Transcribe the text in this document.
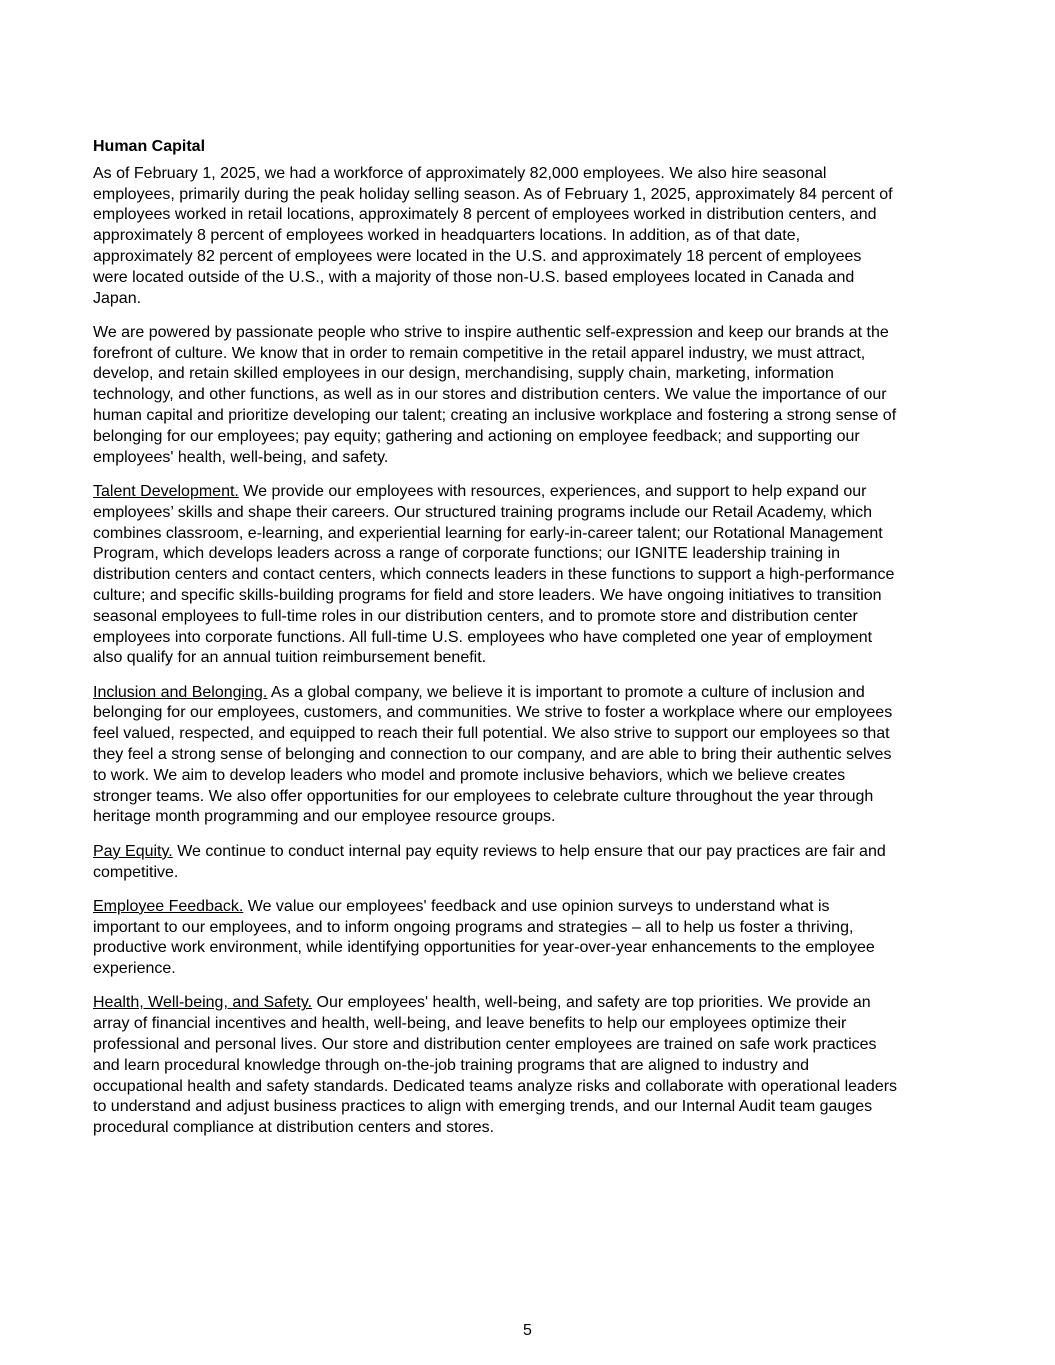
Human Capital
As of February 1, 2025, we had a workforce of approximately 82,000 employees. We also hire seasonal
employees, primarily during the peak holiday selling season. As of February 1, 2025, approximately 84 percent of
employees worked in retail locations, approximately 8 percent of employees worked in distribution centers, and
approximately 8 percent of employees worked in headquarters locations. In addition, as of that date,
approximately 82 percent of employees were located in the U.S. and approximately 18 percent of employees
were located outside of the U.S., with a majority of those non-U.S. based employees located in Canada and
Japan.
We are powered by passionate people who strive to inspire authentic self-expression and keep our brands at the
forefront of culture. We know that in order to remain competitive in the retail apparel industry, we must attract,
develop, and retain skilled employees in our design, merchandising, supply chain, marketing, information
technology, and other functions, as well as in our stores and distribution centers. We value the importance of our
human capital and prioritize developing our talent; creating an inclusive workplace and fostering a strong sense of
belonging for our employees; pay equity; gathering and actioning on employee feedback; and supporting our
employees' health, well-being, and safety.
Talent Development. We provide our employees with resources, experiences, and support to help expand our
employees’ skills and shape their careers. Our structured training programs include our Retail Academy, which
combines classroom, e-learning, and experiential learning for early-in-career talent; our Rotational Management
Program, which develops leaders across a range of corporate functions; our IGNITE leadership training in
distribution centers and contact centers, which connects leaders in these functions to support a high-performance
culture; and specific skills-building programs for field and store leaders. We have ongoing initiatives to transition
seasonal employees to full-time roles in our distribution centers, and to promote store and distribution center
employees into corporate functions. All full-time U.S. employees who have completed one year of employment
also qualify for an annual tuition reimbursement benefit.
Inclusion and Belonging. As a global company, we believe it is important to promote a culture of inclusion and
belonging for our employees, customers, and communities. We strive to foster a workplace where our employees
feel valued, respected, and equipped to reach their full potential. We also strive to support our employees so that
they feel a strong sense of belonging and connection to our company, and are able to bring their authentic selves
to work. We aim to develop leaders who model and promote inclusive behaviors, which we believe creates
stronger teams. We also offer opportunities for our employees to celebrate culture throughout the year through
heritage month programming and our employee resource groups.
Pay Equity. We continue to conduct internal pay equity reviews to help ensure that our pay practices are fair and
competitive.
Employee Feedback. We value our employees' feedback and use opinion surveys to understand what is
important to our employees, and to inform ongoing programs and strategies – all to help us foster a thriving,
productive work environment, while identifying opportunities for year-over-year enhancements to the employee
experience.
Health, Well-being, and Safety. Our employees' health, well-being, and safety are top priorities. We provide an
array of financial incentives and health, well-being, and leave benefits to help our employees optimize their
professional and personal lives. Our store and distribution center employees are trained on safe work practices
and learn procedural knowledge through on-the-job training programs that are aligned to industry and
occupational health and safety standards. Dedicated teams analyze risks and collaborate with operational leaders
to understand and adjust business practices to align with emerging trends, and our Internal Audit team gauges
procedural compliance at distribution centers and stores.
5
